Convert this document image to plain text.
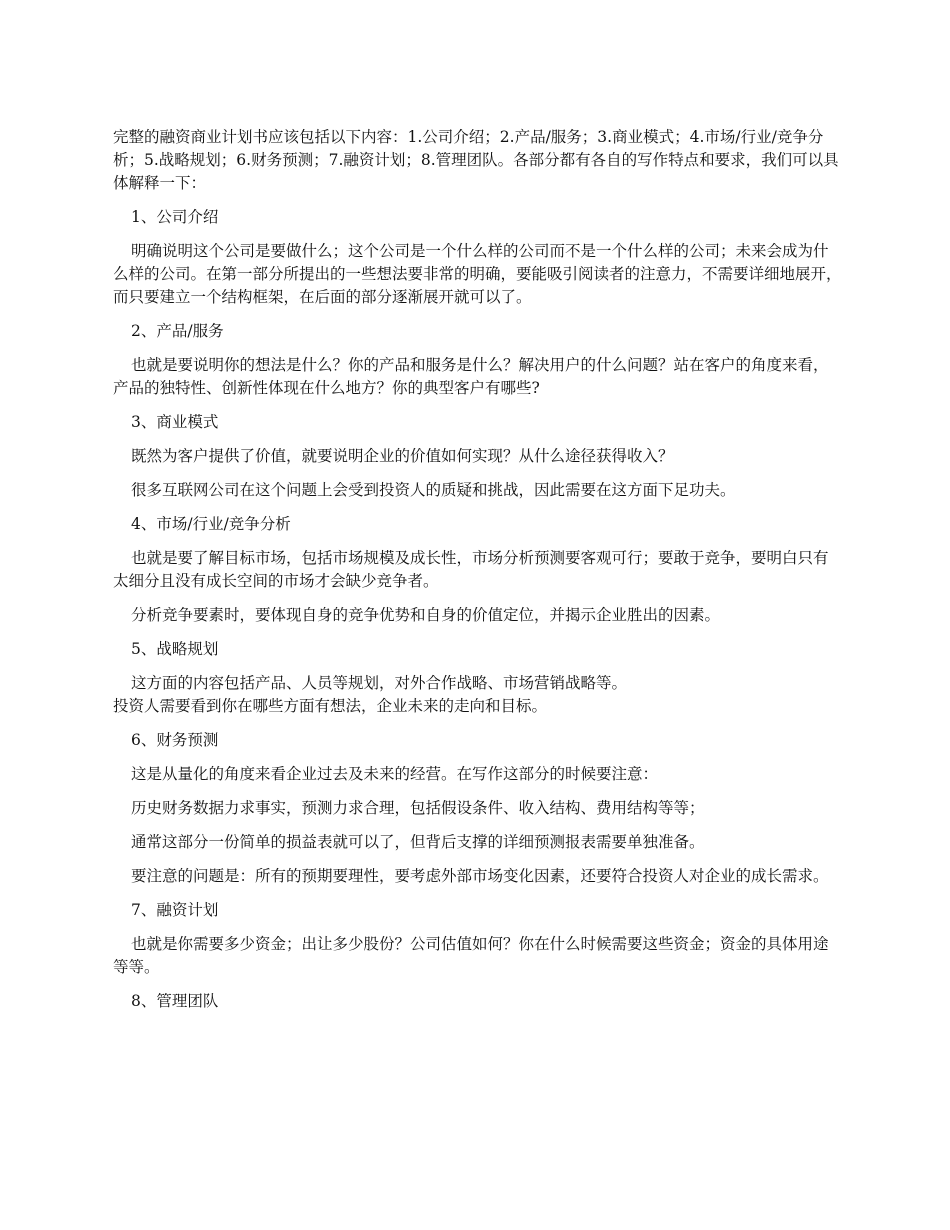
完整的融资商业计划书应该包括以下内容：1.公司介绍；2.产品/服务；3.商业模式；4.市场/行业/竞争分析；5.战略规划；6.财务预测；7.融资计划；8.管理团队。各部分都有各自的写作特点和要求，我们可以具体解释一下：

1、公司介绍

明确说明这个公司是要做什么；这个公司是一个什么样的公司而不是一个什么样的公司；未来会成为什么样的公司。在第一部分所提出的一些想法要非常的明确，要能吸引阅读者的注意力，不需要详细地展开，而只要建立一个结构框架，在后面的部分逐渐展开就可以了。

2、产品/服务

也就是要说明你的想法是什么？你的产品和服务是什么？解决用户的什么问题？站在客户的角度来看，产品的独特性、创新性体现在什么地方？你的典型客户有哪些?

3、商业模式

既然为客户提供了价值，就要说明企业的价值如何实现？从什么途径获得收入？

很多互联网公司在这个问题上会受到投资人的质疑和挑战，因此需要在这方面下足功夫。

4、市场/行业/竞争分析

也就是要了解目标市场，包括市场规模及成长性，市场分析预测要客观可行；要敢于竞争，要明白只有太细分且没有成长空间的市场才会缺少竞争者。

分析竞争要素时，要体现自身的竞争优势和自身的价值定位，并揭示企业胜出的因素。

5、战略规划

这方面的内容包括产品、人员等规划，对外合作战略、市场营销战略等。

投资人需要看到你在哪些方面有想法，企业未来的走向和目标。

6、财务预测

这是从量化的角度来看企业过去及未来的经营。在写作这部分的时候要注意：

历史财务数据力求事实，预测力求合理，包括假设条件、收入结构、费用结构等等；

通常这部分一份简单的损益表就可以了，但背后支撑的详细预测报表需要单独准备。

要注意的问题是：所有的预期要理性，要考虑外部市场变化因素，还要符合投资人对企业的成长需求。

7、融资计划

也就是你需要多少资金；出让多少股份？公司估值如何？你在什么时候需要这些资金；资金的具体用途等等。

8、管理团队
